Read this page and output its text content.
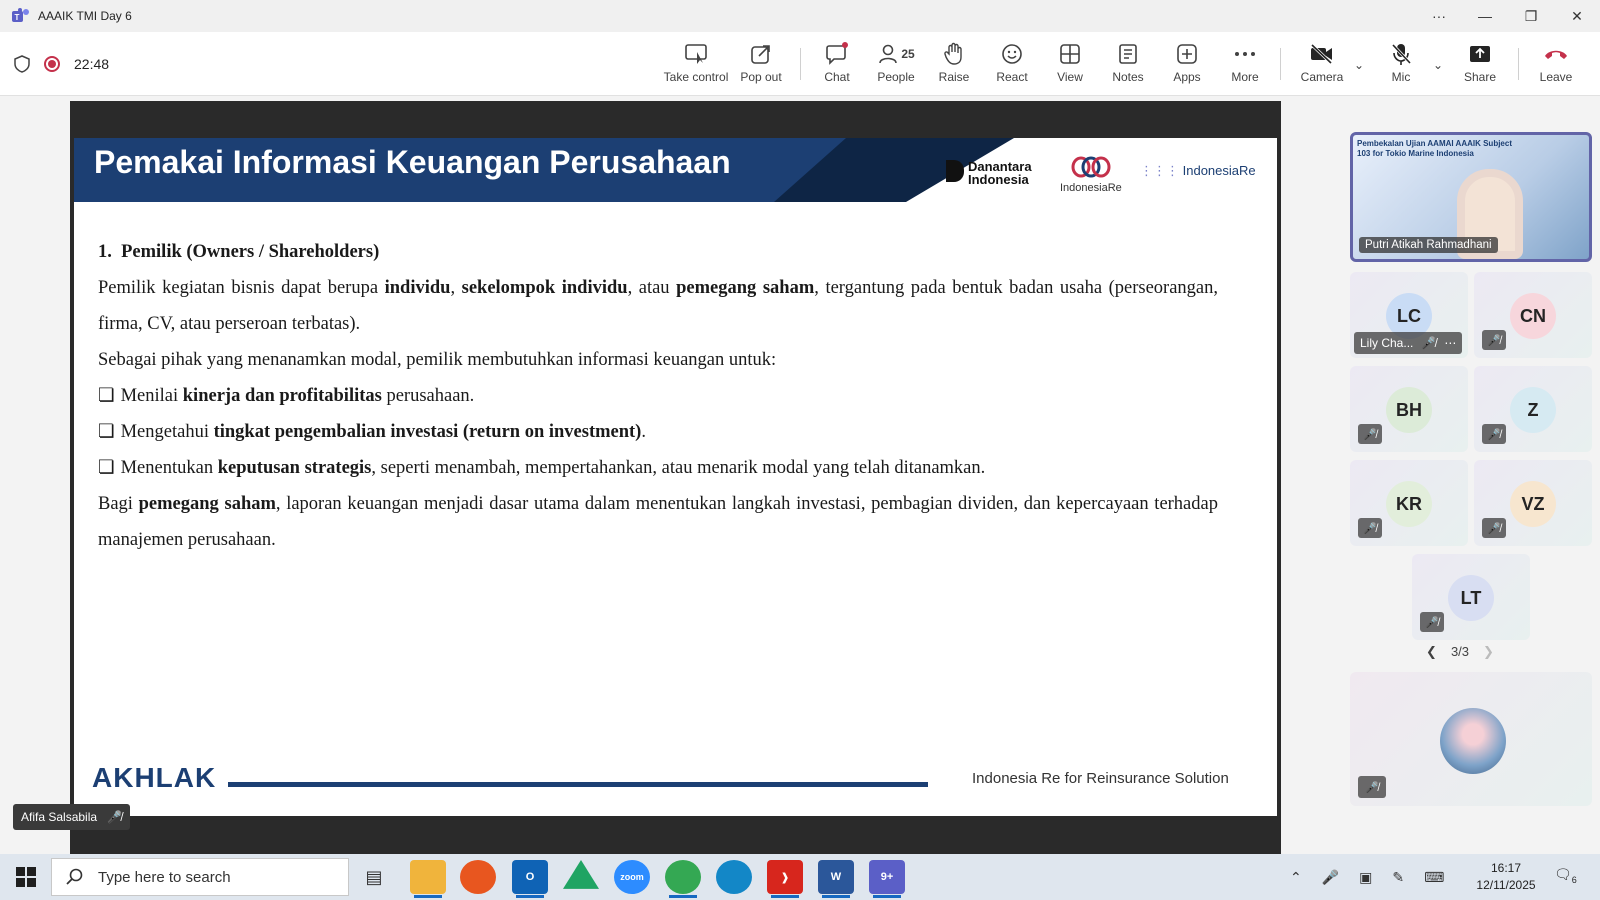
T AAAIK TMI Day 6	···	—	❐	✕
22:48
Take control Pop out	Chat
25
People Raise React View Notes Apps	More	Camera
⌄
Mic
⌄
Share	Leave
Pemakai Informasi Keuangan Perusahaan	Danantara
Indonesia

IndonesiaRe
⋮⋮⋮ IndonesiaRe

1.  Pemilik (Owners / Shareholders)

Pemilik kegiatan bisnis dapat berupa individu, sekelompok individu, atau pemegang saham, tergantung pada bentuk badan usaha (perseorangan, firma, CV, atau perseroan terbatas).

Sebagai pihak yang menanamkan modal, pemilik membutuhkan informasi keuangan untuk:

❏ Menilai kinerja dan profitabilitas perusahaan.

❏ Mengetahui tingkat pengembalian investasi (return on investment).

❏ Menentukan keputusan strategis, seperti menambah, mempertahankan, atau menarik modal yang telah ditanamkan.

Bagi pemegang saham, laporan keuangan menjadi dasar utama dalam menentukan langkah investasi, pembagian dividen, dan kepercayaan terhadap manajemen perusahaan.

AKHLAK	Indonesia Re for Reinsurance Solution
Afifa Salsabila 🎤̸
Pembekalan Ujian AAMAI AAAIK Subject 103 for Tokio Marine Indonesia
Putri Atikah Rahmadhani
LC
Lily Cha... 🎤̸ ⋯
CN
🎤̸
BH
🎤̸
Z
🎤̸
KR
🎤̸
VZ
🎤̸
LT
🎤̸
❮ 3/3 ❯
🎤̸
Type here to search	▤	O	zoom	❱	W	9+	⌃ 🎤 ▣ ✎ ⌨
16:17
12/11/2025
$🗨_6$
